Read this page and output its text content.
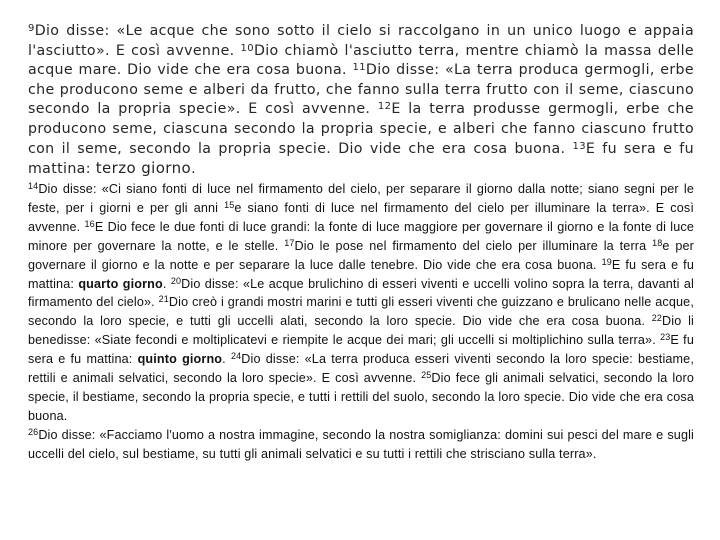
$^9$Dio disse: «Le acque che sono sotto il cielo si raccolgano in un unico luogo e appaia l'asciutto». E così avvenne. $^{10}$Dio chiamò l'asciutto terra, mentre chiamò la massa delle acque mare. Dio vide che era cosa buona. $^{11}$Dio disse: «La terra produca germogli, erbe che producono seme e alberi da frutto, che fanno sulla terra frutto con il seme, ciascuno secondo la propria specie». E così avvenne. $^{12}$E la terra produsse germogli, erbe che producono seme, ciascuna secondo la propria specie, e alberi che fanno ciascuno frutto con il seme, secondo la propria specie. Dio vide che era cosa buona. $^{13}$E fu sera e fu mattina: terzo giorno.

$^{14}$Dio disse: «Ci siano fonti di luce nel firmamento del cielo, per separare il giorno dalla notte; siano segni per le feste, per i giorni e per gli anni $^{15}$e siano fonti di luce nel firmamento del cielo per illuminare la terra». E così avvenne. $^{16}$E Dio fece le due fonti di luce grandi: la fonte di luce maggiore per governare il giorno e la fonte di luce minore per governare la notte, e le stelle. $^{17}$Dio le pose nel firmamento del cielo per illuminare la terra $^{18}$e per governare il giorno e la notte e per separare la luce dalle tenebre. Dio vide che era cosa buona. $^{19}$E fu sera e fu mattina: quarto giorno. $^{20}$Dio disse: «Le acque brulichino di esseri viventi e uccelli volino sopra la terra, davanti al firmamento del cielo». $^{21}$Dio creò i grandi mostri marini e tutti gli esseri viventi che guizzano e brulicano nelle acque, secondo la loro specie, e tutti gli uccelli alati, secondo la loro specie. Dio vide che era cosa buona. $^{22}$Dio li benedisse: «Siate fecondi e moltiplicatevi e riempite le acque dei mari; gli uccelli si moltiplichino sulla terra». $^{23}$E fu sera e fu mattina: quinto giorno. $^{24}$Dio disse: «La terra produca esseri viventi secondo la loro specie: bestiame, rettili e animali selvatici, secondo la loro specie». E così avvenne. $^{25}$Dio fece gli animali selvatici, secondo la loro specie, il bestiame, secondo la propria specie, e tutti i rettili del suolo, secondo la loro specie. Dio vide che era cosa buona.
$^{26}$Dio disse: «Facciamo l'uomo a nostra immagine, secondo la nostra somiglianza: domini sui pesci del mare e sugli uccelli del cielo, sul bestiame, su tutti gli animali selvatici e su tutti i rettili che strisciano sulla terra».
